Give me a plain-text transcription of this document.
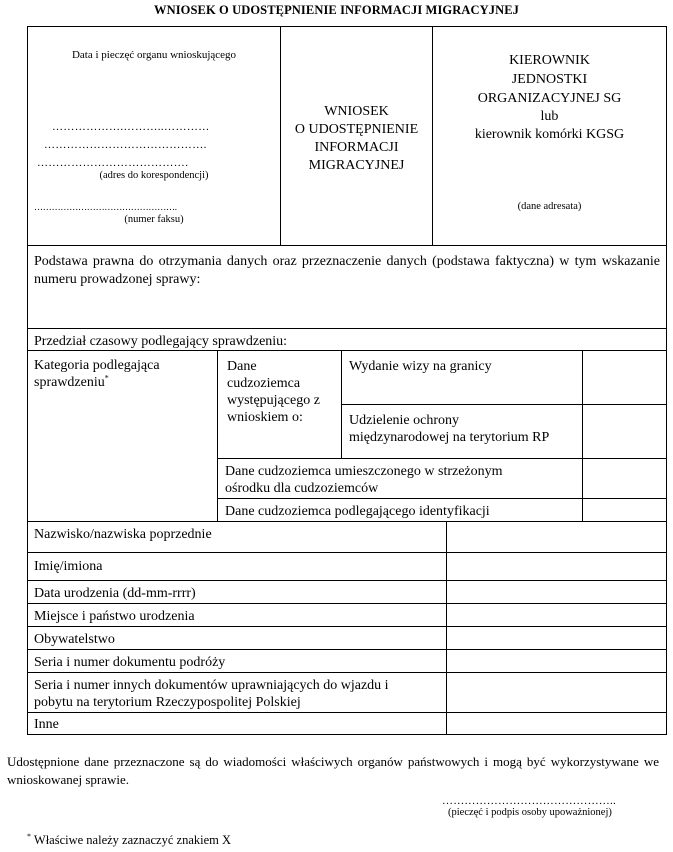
WNIOSEK O UDOSTĘPNIENIE INFORMACJI MIGRACYJNEJ
Data i pieczęć organu wnioskującego
……………….………..…………
…………………………………….
………………………………….
(adres do korespondencji)
………………………………………….
(numer faksu)
WNIOSEK
O UDOSTĘPNIENIE
INFORMACJI
MIGRACYJNEJ
KIEROWNIK
JEDNOSTKI
ORGANIZACYJNEJ SG
lub
kierownik komórki KGSG
(dane adresata)
Podstawa prawna do otrzymania danych oraz przeznaczenie danych (podstawa faktyczna) w tym wskazanie numeru prowadzonej sprawy:
Przedział czasowy podlegający sprawdzeniu:
Kategoria podlegająca
sprawdzeniu*
Dane
cudzoziemca
występującego z
wnioskiem o:
Wydanie wizy na granicy
Udzielenie ochrony
międzynarodowej na terytorium RP
Dane cudzoziemca umieszczonego w strzeżonym
ośrodku dla cudzoziemców
Dane cudzoziemca podlegającego identyfikacji
Nazwisko/nazwiska poprzednie
Imię/imiona
Data urodzenia (dd-mm-rrrr)
Miejsce i państwo urodzenia
Obywatelstwo
Seria i numer dokumentu podróży
Seria i numer innych dokumentów uprawniających do wjazdu i
pobytu na terytorium Rzeczypospolitej Polskiej
Inne
Udostępnione dane przeznaczone są do wiadomości właściwych organów państwowych i mogą być wykorzystywane we wnioskowanej sprawie.
………………………………………..
(pieczęć i podpis osoby upoważnionej)
* Właściwe należy zaznaczyć znakiem X
